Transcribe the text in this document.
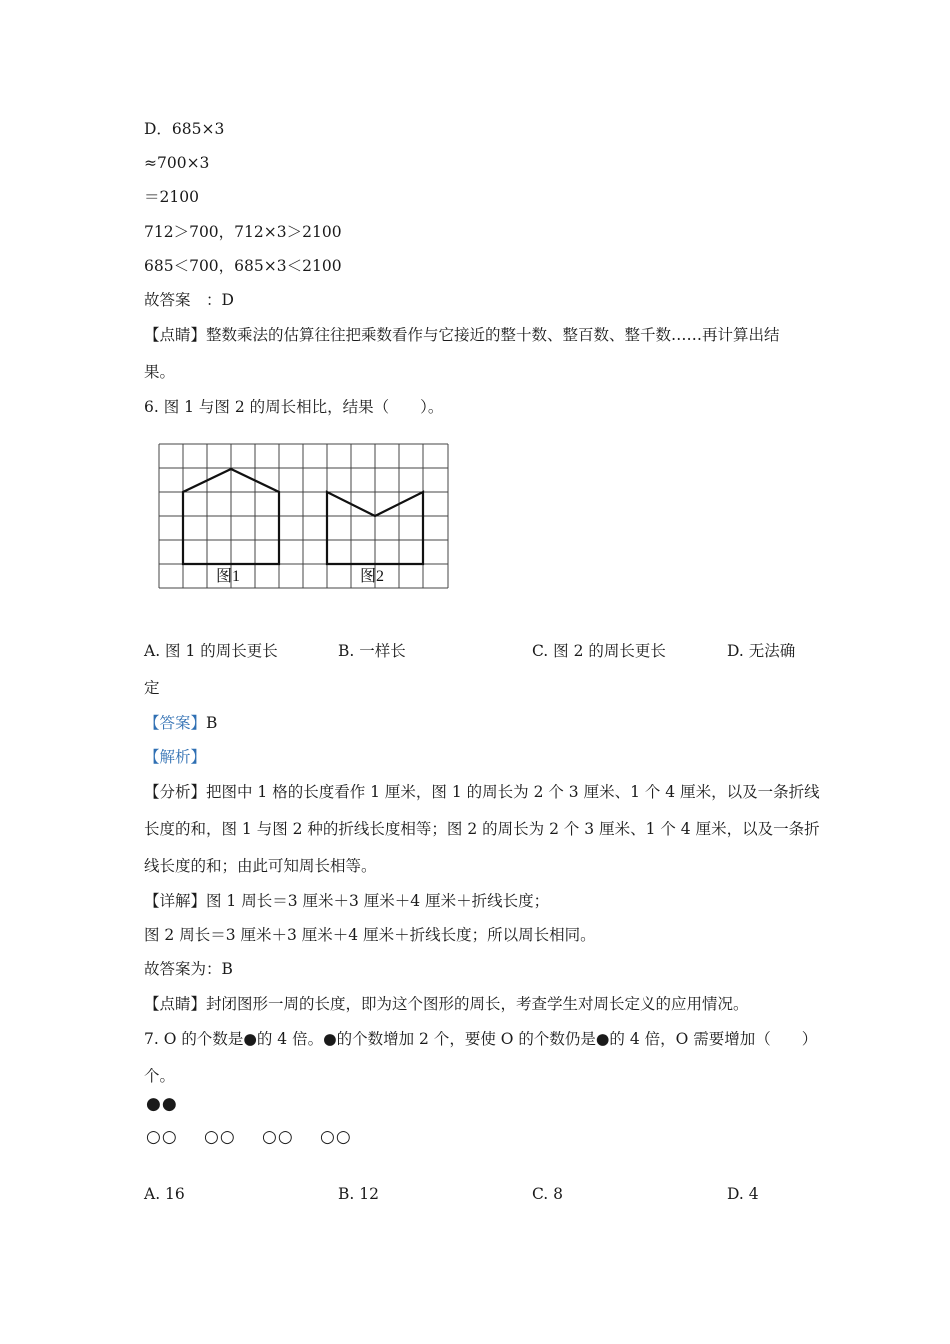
D．685×3
≈700×3
＝2100
712＞700，712×3＞2100
685＜700，685×3＜2100
故答案　：D
【点睛】整数乘法的估算往往把乘数看作与它接近的整十数、整百数、整千数……再计算出结
果。
6. 图 1 与图 2 的周长相比，结果（　　）。
图1	图2
A. 图 1 的周长更长	B. 一样长	C. 图 2 的周长更长	D. 无法确
定
【答案】B
【解析】
【分析】把图中 1 格的长度看作 1 厘米，图 1 的周长为 2 个 3 厘米、1 个 4 厘米，以及一条折线
长度的和，图 1 与图 2 种的折线长度相等；图 2 的周长为 2 个 3 厘米、1 个 4 厘米，以及一条折
线长度的和；由此可知周长相等。
【详解】图 1 周长＝3 厘米＋3 厘米＋4 厘米＋折线长度；
图 2 周长＝3 厘米＋3 厘米＋4 厘米＋折线长度；所以周长相同。
故答案为：B
【点睛】封闭图形一周的长度，即为这个图形的周长，考查学生对周长定义的应用情况。
7. O 的个数是●的 4 倍。●的个数增加 2 个，要使 O 的个数仍是●的 4 倍，O 需要增加（　　）
个。
●●
○○ ○○ ○○ ○○
A. 16	B. 12	C. 8	D. 4
